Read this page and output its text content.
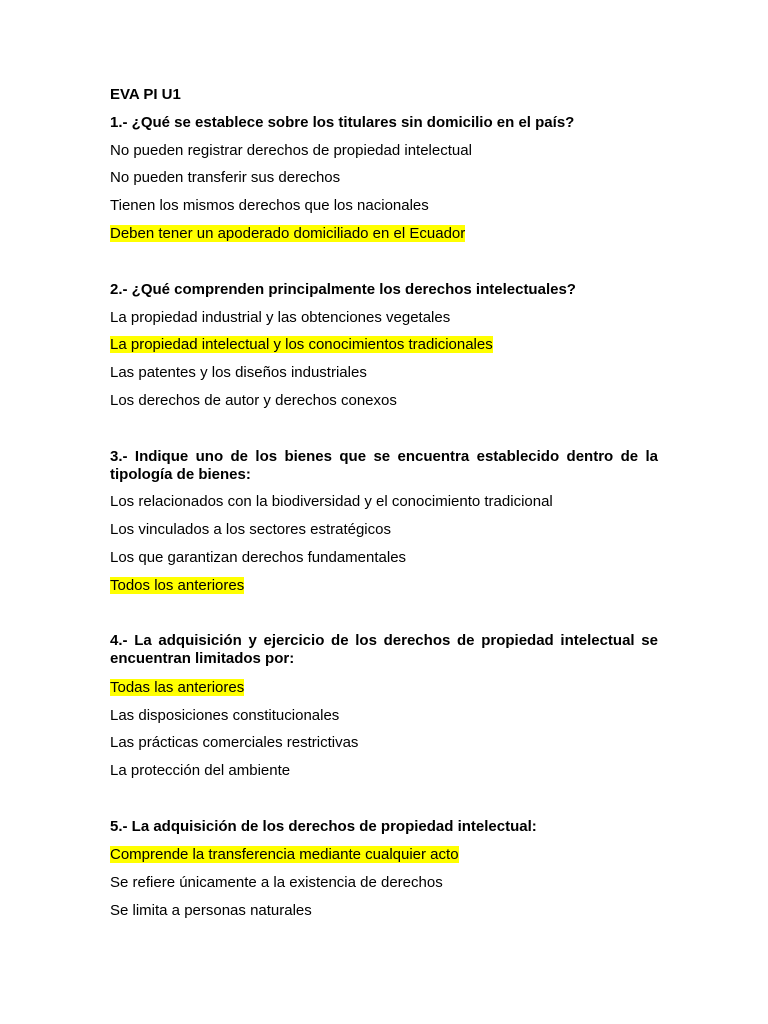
EVA PI U1
1.- ¿Qué se establece sobre los titulares sin domicilio en el país?
No pueden registrar derechos de propiedad intelectual
No pueden transferir sus derechos
Tienen los mismos derechos que los nacionales
Deben tener un apoderado domiciliado en el Ecuador
2.- ¿Qué comprenden principalmente los derechos intelectuales?
La propiedad industrial y las obtenciones vegetales
La propiedad intelectual y los conocimientos tradicionales
Las patentes y los diseños industriales
Los derechos de autor y derechos conexos
3.- Indique uno de los bienes que se encuentra establecido dentro de la tipología de bienes:
Los relacionados con la biodiversidad y el conocimiento tradicional
Los vinculados a los sectores estratégicos
Los que garantizan derechos fundamentales
Todos los anteriores
4.- La adquisición y ejercicio de los derechos de propiedad intelectual se encuentran limitados por:
Todas las anteriores
Las disposiciones constitucionales
Las prácticas comerciales restrictivas
La protección del ambiente
5.- La adquisición de los derechos de propiedad intelectual:
Comprende la transferencia mediante cualquier acto
Se refiere únicamente a la existencia de derechos
Se limita a personas naturales
